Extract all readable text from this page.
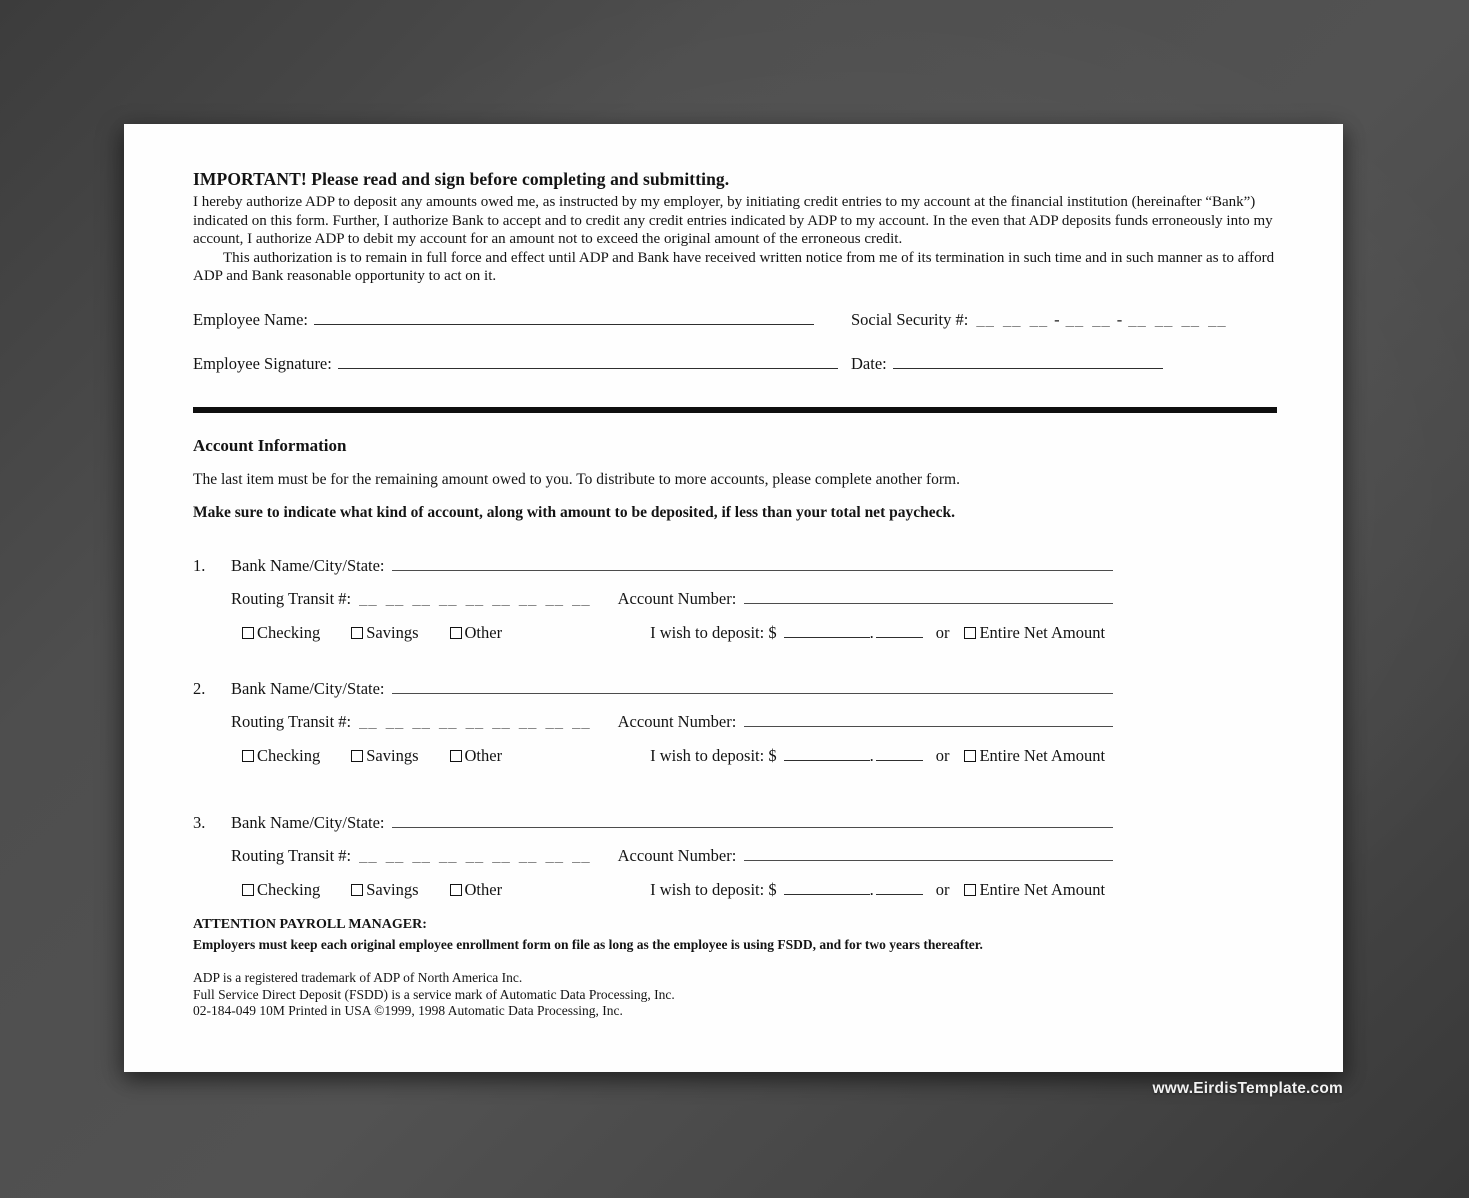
IMPORTANT! Please read and sign before completing and submitting.

I hereby authorize ADP to deposit any amounts owed me, as instructed by my employer, by initiating credit entries to my account at the financial institution (hereinafter “Bank”) indicated on this form. Further, I authorize Bank to accept and to credit any credit entries indicated by ADP to my account. In the even that ADP deposits funds erroneously into my account, I authorize ADP to debit my account for an amount not to exceed the original amount of the erroneous credit.

This authorization is to remain in full force and effect until ADP and Bank have received written notice from me of its termination in such time and in such manner as to afford ADP and Bank reasonable opportunity to act on it.

Employee Name:	Social Security #: __ __ __ - __ __ - __ __ __ __
Employee Signature:	Date:
Account Information
The last item must be for the remaining amount owed to you. To distribute to more accounts, please complete another form.
Make sure to indicate what kind of account, along with amount to be deposited, if less than your total net paycheck.
1.	Bank Name/City/State:
Routing Transit #: __ __ __ __ __ __ __ __ __ Account Number:
Checking	Savings	Other	I wish to deposit: $	.	or Entire Net Amount
2.	Bank Name/City/State:
Routing Transit #: __ __ __ __ __ __ __ __ __ Account Number:
Checking	Savings	Other	I wish to deposit: $	.	or Entire Net Amount
3.	Bank Name/City/State:
Routing Transit #: __ __ __ __ __ __ __ __ __ Account Number:
Checking	Savings	Other	I wish to deposit: $	.	or Entire Net Amount
ATTENTION PAYROLL MANAGER:
Employers must keep each original employee enrollment form on file as long as the employee is using FSDD, and for two years thereafter.
ADP is a registered trademark of ADP of North America Inc.
Full Service Direct Deposit (FSDD) is a service mark of Automatic Data Processing, Inc.
02-184-049 10M Printed in USA ©1999, 1998 Automatic Data Processing, Inc.
www.EirdisTemplate.com
